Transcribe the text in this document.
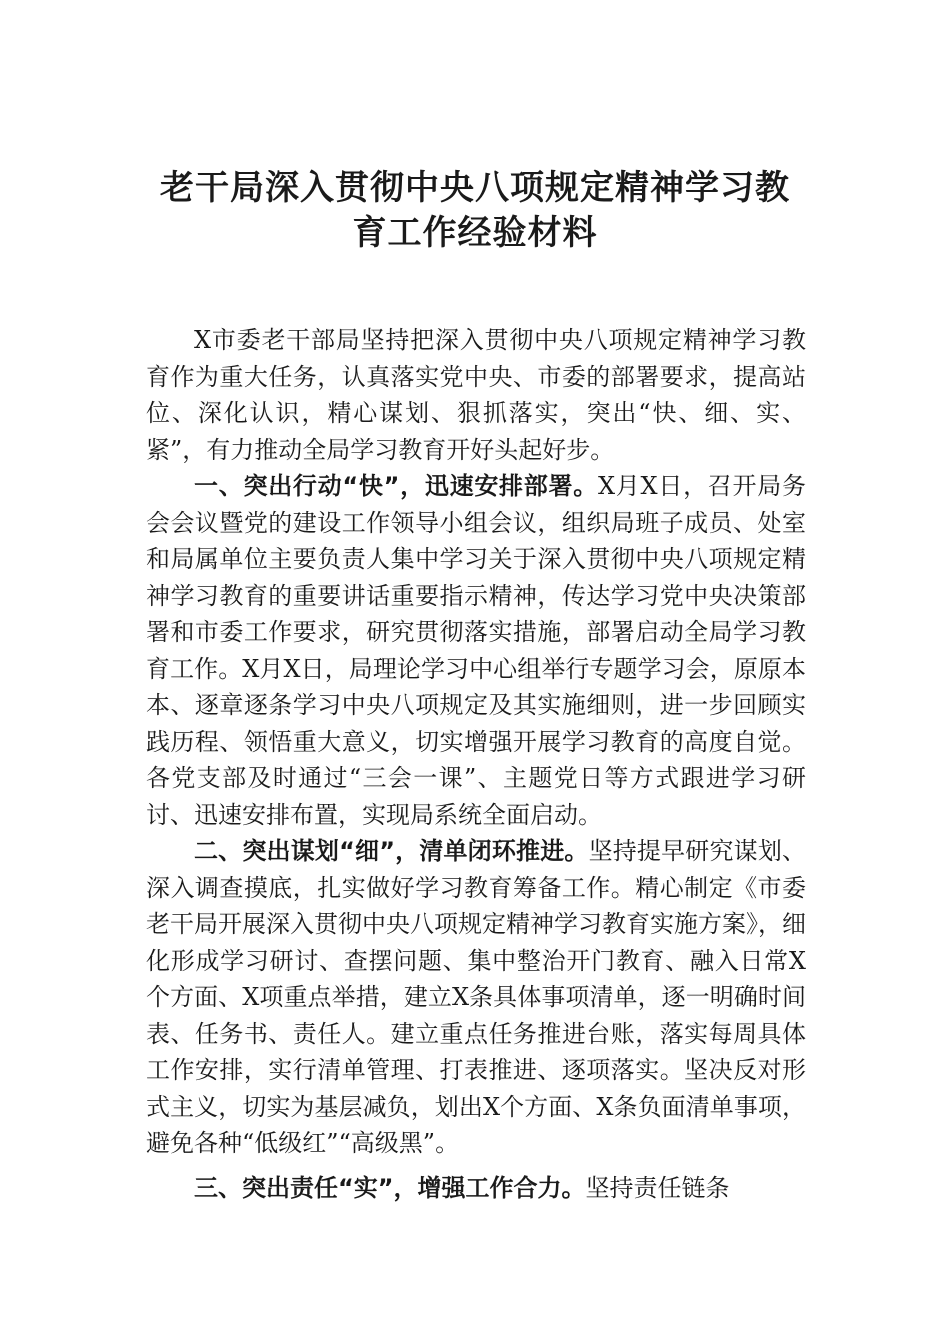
老干局深入贯彻中央八项规定精神学习教
育工作经验材料

X市委老干部局坚持把深入贯彻中央八项规定精神学习教育作为重大任务，认真落实党中央、市委的部署要求，提高站位、深化认识，精心谋划、狠抓落实，突出“快、细、实、紧”，有力推动全局学习教育开好头起好步。

一、突出行动“快”，迅速安排部署。X月X日，召开局务会会议暨党的建设工作领导小组会议，组织局班子成员、处室和局属单位主要负责人集中学习关于深入贯彻中央八项规定精神学习教育的重要讲话重要指示精神，传达学习党中央决策部署和市委工作要求，研究贯彻落实措施，部署启动全局学习教育工作。X月X日，局理论学习中心组举行专题学习会，原原本本、逐章逐条学习中央八项规定及其实施细则，进一步回顾实践历程、领悟重大意义，切实增强开展学习教育的高度自觉。各党支部及时通过“三会一课”、主题党日等方式跟进学习研讨、迅速安排布置，实现局系统全面启动。

二、突出谋划“细”，清单闭环推进。坚持提早研究谋划、深入调查摸底，扎实做好学习教育筹备工作。精心制定《市委老干局开展深入贯彻中央八项规定精神学习教育实施方案》，细化形成学习研讨、查摆问题、集中整治开门教育、融入日常X个方面、X项重点举措，建立X条具体事项清单，逐一明确时间表、任务书、责任人。建立重点任务推进台账，落实每周具体工作安排，实行清单管理、打表推进、逐项落实。坚决反对形式主义，切实为基层减负，划出X个方面、X条负面清单事项，避免各种“低级红”“高级黑”。

三、突出责任“实”，增强工作合力。坚持责任链条
